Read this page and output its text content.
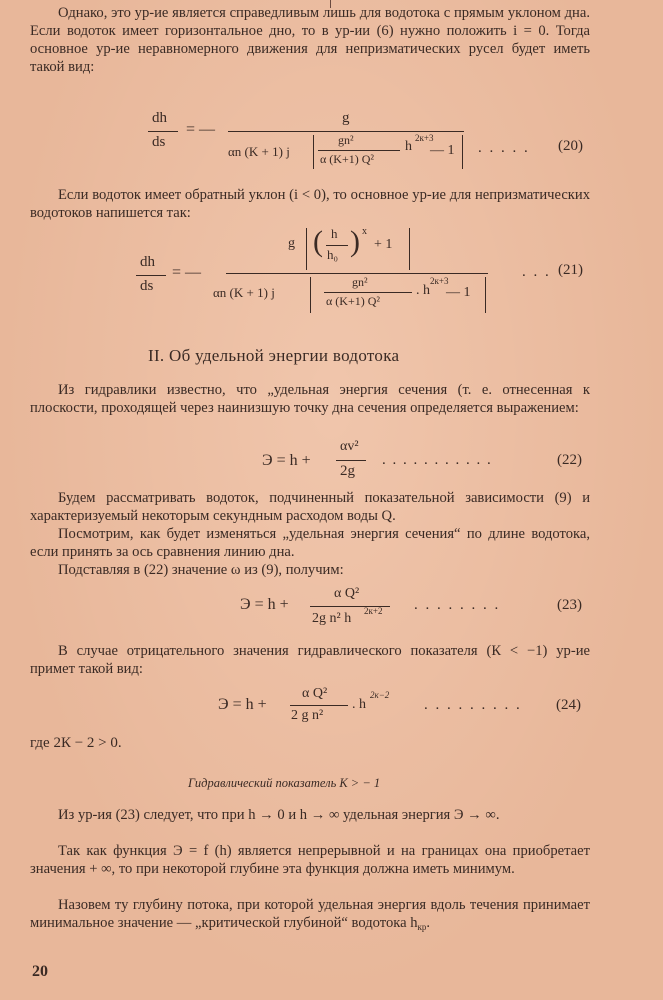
Однако, это ур-ие является справедливым лишь для водотока с прямым уклоном дна. Если водоток имеет горизонтальное дно, то в ур-ии (6) нужно положить i = 0. Тогда основное ур-ие неравномерного движения для непризматических русел будет иметь такой вид:

dh
ds
= —
g
αn (K + 1) j
gn²
α (K+1) Q²
h
2к+3
— 1 . . . . . (20)

Если водоток имеет обратный уклон (i < 0), то основное ур-ие для непризматических водотоков напишется так:

dh
ds
= —
g ( h
h₀ ) x
+ 1
αn (K + 1) j
gn²
α (K+1) Q²
. h
2к+3
— 1
. . . (21)
II. Об удельной энергии водотока

Из гидравлики известно, что „удельная энергия сечения (т. е. отнесенная к плоскости, проходящей через наинизшую точку дна сечения определяется выражением:

Э = h +
αv²
2g
. . . . . . . . . . .	(22)

Будем рассматривать водоток, подчиненный показательной зависимости (9) и характеризуемый некоторым секундным расходом воды Q.

Посмотрим, как будет изменяться „удельная энергия сечения“ по длине водотока, если принять за ось сравнения линию дна.

Подставляя в (22) значение ω из (9), получим:

Э = h +
α Q²
2g n² h 2к+2 . . . . . . . .	(23)

В случае отрицательного значения гидравлического показателя (К < −1) ур-ие примет такой вид:

Э = h +
α Q²
2 g n²
. h
2к−2
. . . . . . . . . (24)

где 2К − 2 > 0.

Гидравлический показатель К > − 1

Из ур-ия (23) следует, что при h → 0 и h → ∞ удельная энергия Э → ∞.

Так как функция Э = f (h) является непрерывной и на границах она приобретает значения + ∞, то при некоторой глубине эта функция должна иметь минимум.

Назовем ту глубину потока, при которой удельная энергия вдоль течения принимает минимальное значение — „критической глубиной“ водотока $h_{кр}$.

20
